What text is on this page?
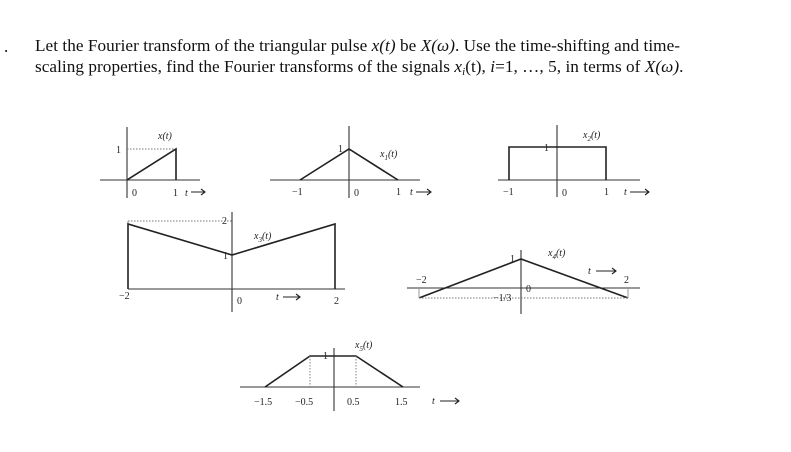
. Let the Fourier transform of the triangular pulse x(t) be X(ω). Use the time-shifting and time-
scaling properties, find the Fourier transforms of the signals xi(t), i=1, …, 5, in terms of X(ω).
x(t)
1
0	1 t
$x_1(t)$
1
−1	0	1 t
$x_2(t)$
1
−1	0	1 t
$x_3(t)$
1
2
−2	0	2
t
$x_4(t)$
1
−2
−1/3
0
2
t
$x_5(t)$
1
−1.5 −0.5	0.5	1.5 t
